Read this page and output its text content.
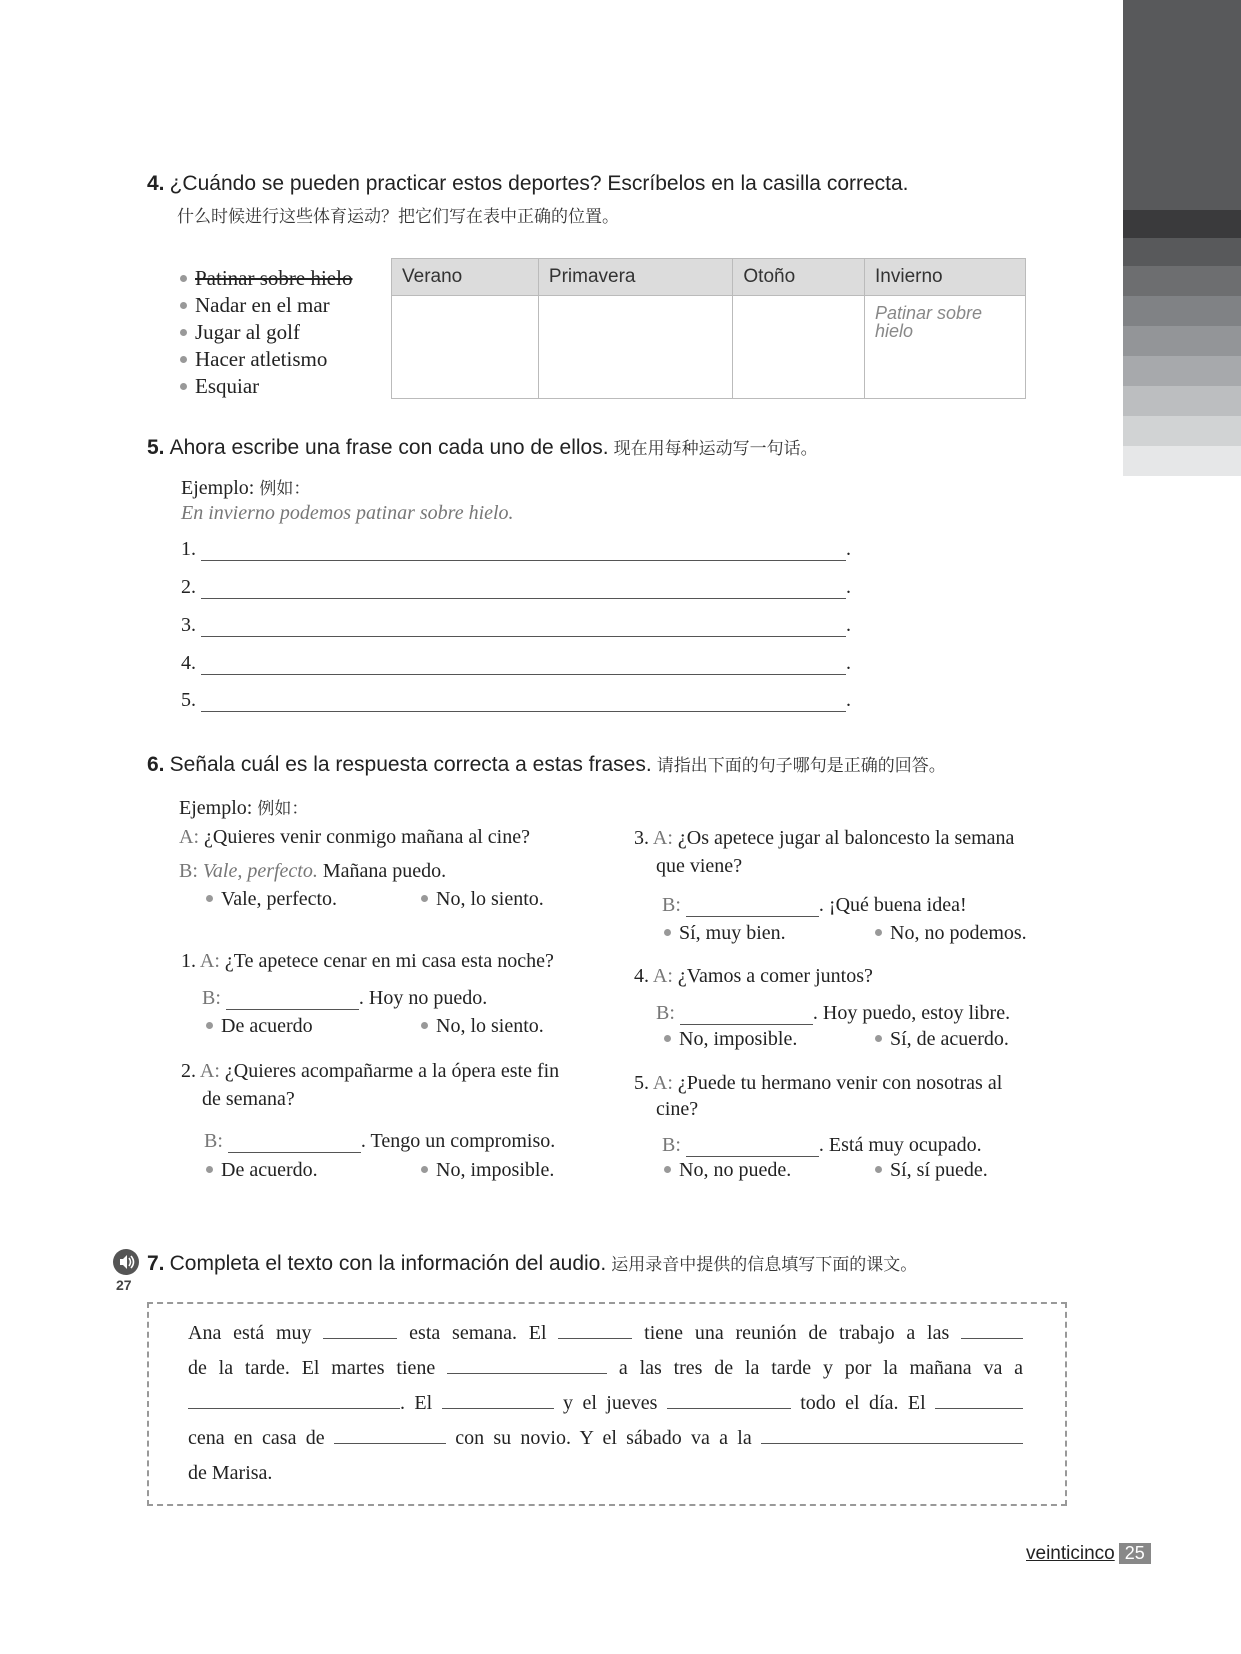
4. ¿Cuándo se pueden practicar estos deportes? Escríbelos en la casilla correcta.
什么时候进行这些体育运动？把它们写在表中正确的位置。
Patinar sobre hielo
Nadar en el mar
Jugar al golf
Hacer atletismo
Esquiar
Verano	Primavera	Otoño	Invierno
			Patinar sobre hielo
5. Ahora escribe una frase con cada uno de ellos. 现在用每种运动写一句话。
Ejemplo: 例如：
En invierno podemos patinar sobre hielo.
1.	.
2.	.
3.	.
4.	.
5.	.
6. Señala cuál es la respuesta correcta a estas frases. 请指出下面的句子哪句是正确的回答。
Ejemplo: 例如：
A: ¿Quieres venir conmigo mañana al cine?
B: Vale, perfecto. Mañana puedo.
Vale, perfecto.	No, lo siento.
1. A: ¿Te apetece cenar en mi casa esta noche?
B:	. Hoy no puedo.
De acuerdo	No, lo siento.
2. A: ¿Quieres acompañarme a la ópera este fin
de semana?
B:	. Tengo un compromiso.
De acuerdo.	No, imposible.
3. A: ¿Os apetece jugar al baloncesto la semana
que viene?
B:	. ¡Qué buena idea!
Sí, muy bien.	No, no podemos.
4. A: ¿Vamos a comer juntos?
B:	. Hoy puedo, estoy libre.
No, imposible.	Sí, de acuerdo.
5. A: ¿Puede tu hermano venir con nosotras al
cine?
B:	. Está muy ocupado.
No, no puede.	Sí, sí puede.
27
7. Completa el texto con la información del audio. 运用录音中提供的信息填写下面的课文。
Ana está muy	esta semana. El	tiene una reunión de trabajo a las
de la tarde. El martes tiene	a las tres de la tarde y por la mañana va a
. El	y el jueves	todo el día. El
cena en casa de	con su novio. Y el sábado va a la
de Marisa.
veinticinco 25
